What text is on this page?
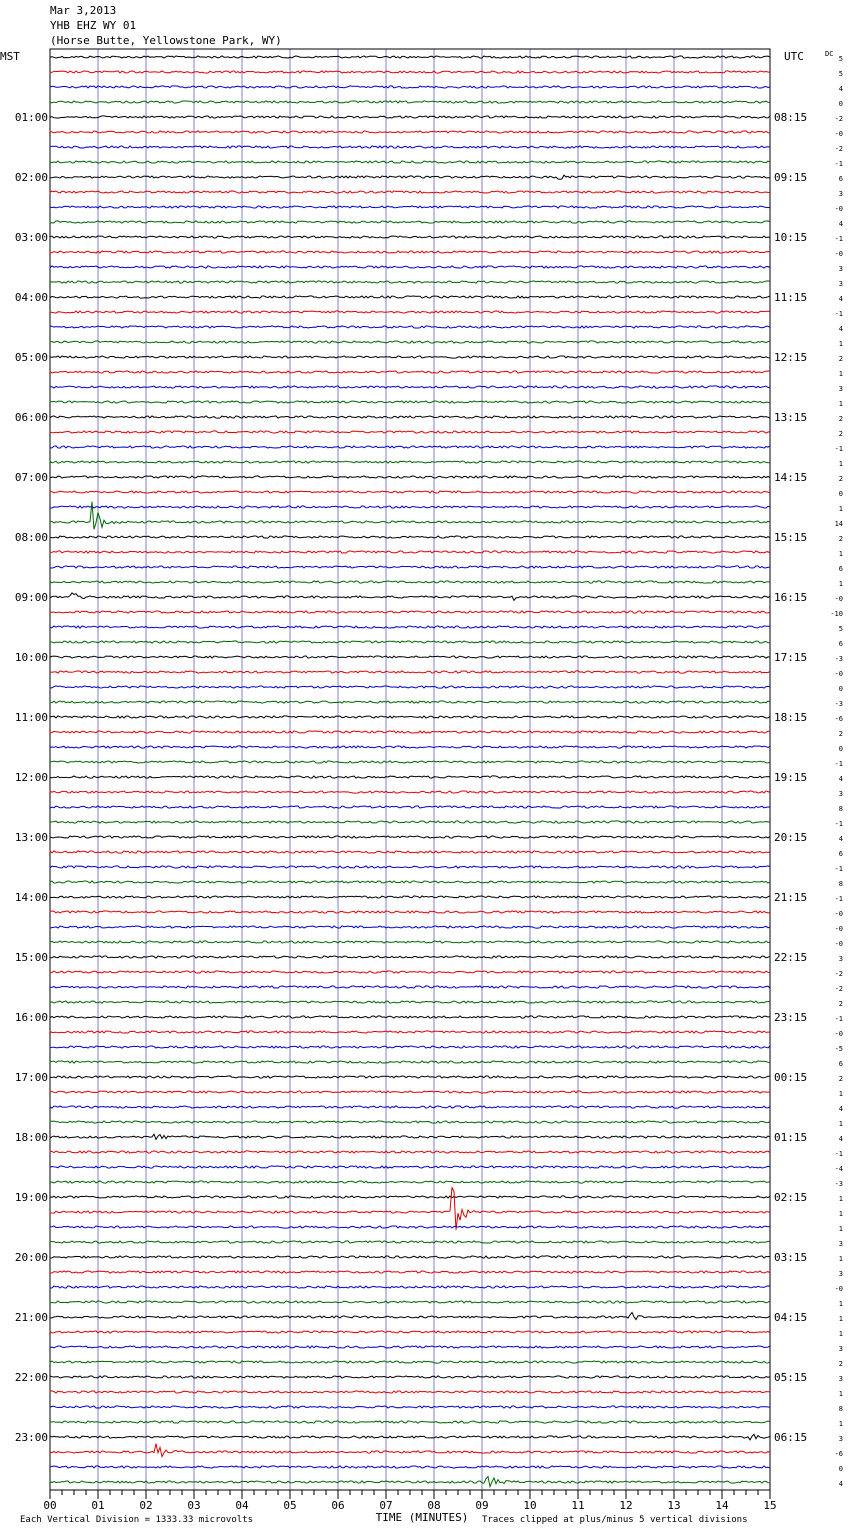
Mar 3,2013
YHB EHZ WY 01
(Horse Butte, Yellowstone Park, WY)
MST	UTC	DC
01:00
02:00
03:00
04:00
05:00
06:00
07:00
08:00
09:00
10:00
11:00
12:00
13:00
14:00
15:00
16:00
17:00
18:00
19:00
20:00
21:00
22:00
23:00
08:15
09:15
10:15
11:15
12:15
13:15
14:15
15:15
16:15
17:15
18:15
19:15
20:15
21:15
22:15
23:15
00:15
01:15
02:15
03:15
04:15
05:15
06:15
5
5
4
0
-2
-0
-2
-1
6
3
-0
4
-1
-0
3
3
4
-1
4
1
2
1
3
1
2
2
-1
1
2
0
1
14
2
1
6
1
-0
-10
5
6
-3
-0
0
-3
-6
2
0
-1
4
3
8
-1
4
6
-1
8
-1
-0
-0
-0
3
-2
-2
2
-1
-0
-5
6
2
1
4
1
4
-1
-4
-3
1
1
1
3
1
3
-0
1
1
1
3
2
3
1
8
1
3
-6
0
4
00	01	02	03	04	05	06	07	08	09	10	11	12	13	14	15
TIME (MINUTES)
Each Vertical Division = 1333.33 microvolts	Traces clipped at plus/minus 5 vertical divisions
